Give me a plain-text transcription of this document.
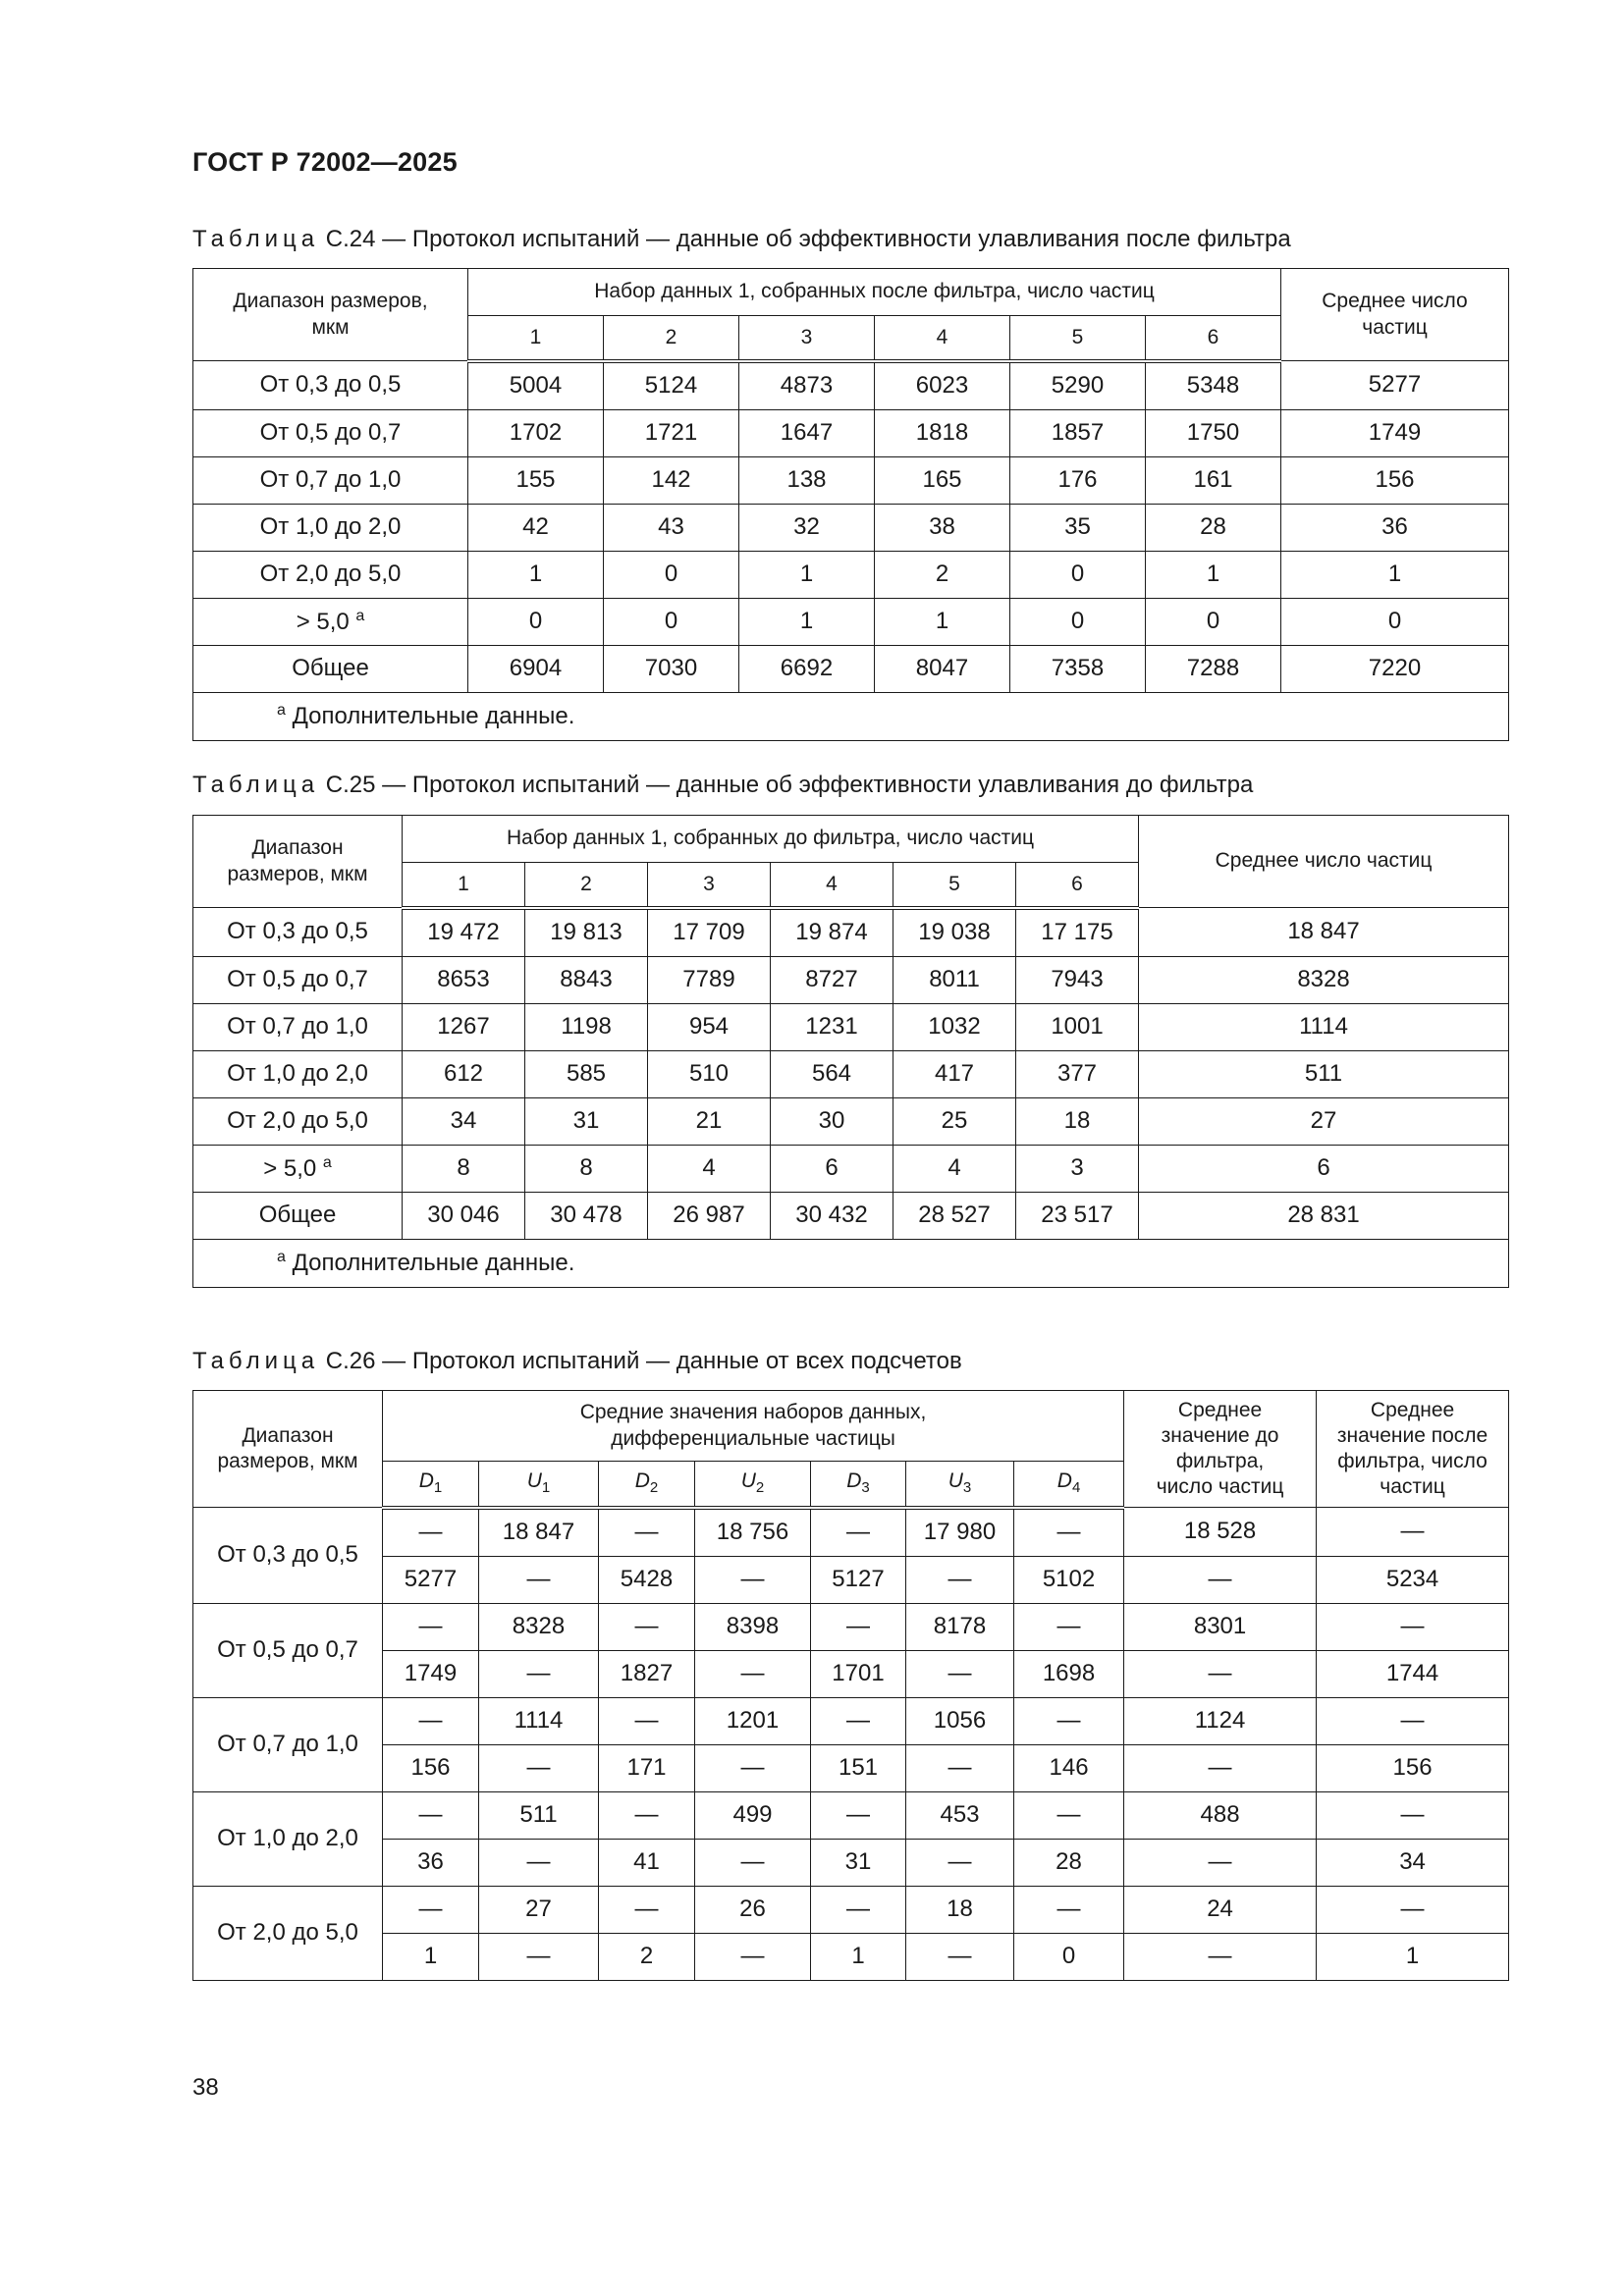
ГОСТ Р 72002—2025
Таблица С.24 — Протокол испытаний — данные об эффективности улавливания после фильтра
Диапазон размеров, мкм	Набор данных 1, собранных после фильтра, число частиц						Среднее число частиц
	1	2	3	4	5	6	
От 0,3 до 0,5	5004	5124	4873	6023	5290	5348	5277
От 0,5 до 0,7	1702	1721	1647	1818	1857	1750	1749
От 0,7 до 1,0	155	142	138	165	176	161	156
От 1,0 до 2,0	42	43	32	38	35	28	36
От 2,0 до 5,0	1	0	1	2	0	1	1
> 5,0 $^а$	0	0	1	1	0	0	0
Общее	6904	7030	6692	8047	7358	7288	7220
$^а$ Дополнительные данные.							
Таблица С.25 — Протокол испытаний — данные об эффективности улавливания до фильтра
Диапазон размеров, мкм	Набор данных 1, собранных до фильтра, число частиц						Среднее число частиц
	1	2	3	4	5	6	
От 0,3 до 0,5	19 472	19 813	17 709	19 874	19 038	17 175	18 847
От 0,5 до 0,7	8653	8843	7789	8727	8011	7943	8328
От 0,7 до 1,0	1267	1198	954	1231	1032	1001	1114
От 1,0 до 2,0	612	585	510	564	417	377	511
От 2,0 до 5,0	34	31	21	30	25	18	27
> 5,0 $^а$	8	8	4	6	4	3	6
Общее	30 046	30 478	26 987	30 432	28 527	23 517	28 831
$^а$ Дополнительные данные.							
Таблица С.26 — Протокол испытаний — данные от всех подсчетов
Диапазон размеров, мкм	Средние значения наборов данных,
дифференциальные частицы							Среднее значение до фильтра, число частиц	Среднее значение после фильтра, число частиц
	$D_1$	$U_1$	$D_2$	$U_2$	$D_3$	$U_3$	$D_4$
От 0,3 до 0,5	—	18 847	—	18 756	—	17 980	—	18 528	—
	5277	—	5428	—	5127	—	5102	—	5234
От 0,5 до 0,7	—	8328	—	8398	—	8178	—	8301	—
	1749	—	1827	—	1701	—	1698	—	1744
От 0,7 до 1,0	—	1114	—	1201	—	1056	—	1124	—
	156	—	171	—	151	—	146	—	156
От 1,0 до 2,0	—	511	—	499	—	453	—	488	—
	36	—	41	—	31	—	28	—	34
От 2,0 до 5,0	—	27	—	26	—	18	—	24	—
	1	—	2	—	1	—	0	—	1
38
